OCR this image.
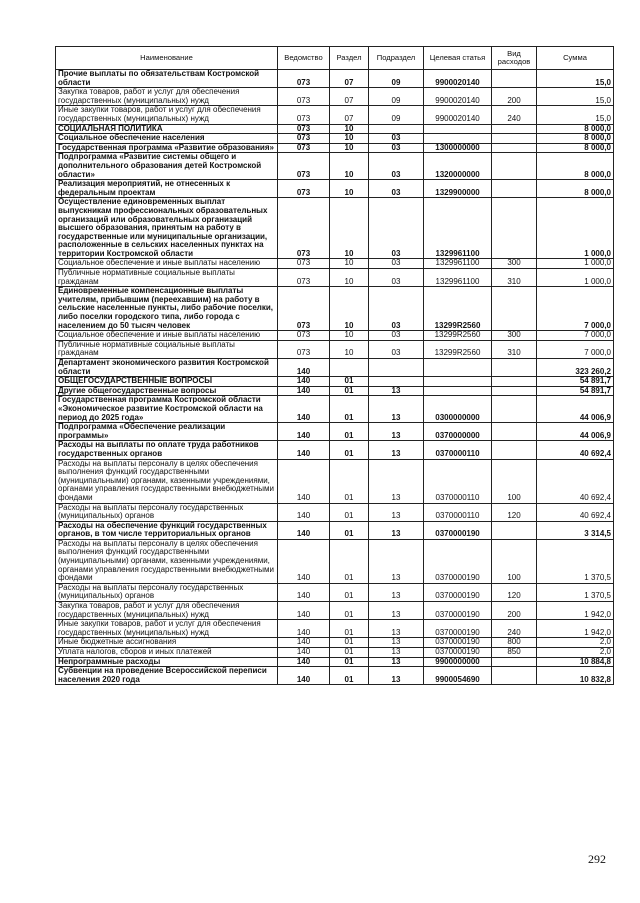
Наименование	Ведомство	Раздел	Подраздел	Целевая статья	Вид расходов	Сумма
Прочие выплаты по обязательствам Костромской области	073	07	09	9900020140		15,0
Закупка товаров, работ и услуг для обеспечения государственных (муниципальных) нужд	073	07	09	9900020140	200	15,0
Иные закупки товаров, работ и услуг для обеспечения государственных (муниципальных) нужд	073	07	09	9900020140	240	15,0
СОЦИАЛЬНАЯ ПОЛИТИКА	073	10				8 000,0
Социальное обеспечение населения	073	10	03			8 000,0
Государственная программа «Развитие образования»	073	10	03	1300000000		8 000,0
Подпрограмма «Развитие системы общего и дополнительного образования детей Костромской области»	073	10	03	1320000000		8 000,0
Реализация мероприятий, не отнесенных к федеральным проектам	073	10	03	1329900000		8 000,0
Осуществление единовременных выплат выпускникам профессиональных образовательных организаций или образовательных организаций высшего образования, принятым на работу в государственные или муниципальные организации, расположенные в сельских населенных пунктах на территории Костромской области	073	10	03	1329961100		1 000,0
Социальное обеспечение и иные выплаты населению	073	10	03	1329961100	300	1 000,0
Публичные нормативные социальные выплаты гражданам	073	10	03	1329961100	310	1 000,0
Единовременные компенсационные выплаты учителям, прибывшим (переехавшим) на работу в сельские населенные пункты, либо рабочие поселки, либо поселки городского типа, либо города с населением до 50 тысяч человек	073	10	03	13299R2560		7 000,0
Социальное обеспечение и иные выплаты населению	073	10	03	13299R2560	300	7 000,0
Публичные нормативные социальные выплаты гражданам	073	10	03	13299R2560	310	7 000,0
Департамент экономического развития Костромской области	140					323 260,2
ОБЩЕГОСУДАРСТВЕННЫЕ ВОПРОСЫ	140	01				54 891,7
Другие общегосударственные вопросы	140	01	13			54 891,7
Государственная программа Костромской области «Экономическое развитие Костромской области на период до 2025 года»	140	01	13	0300000000		44 006,9
Подпрограмма «Обеспечение реализации программы»	140	01	13	0370000000		44 006,9
Расходы на выплаты по оплате труда работников государственных органов	140	01	13	0370000110		40 692,4
Расходы на выплаты персоналу в целях обеспечения выполнения функций государственными (муниципальными) органами, казенными учреждениями, органами управления государственными внебюджетными фондами	140	01	13	0370000110	100	40 692,4
Расходы на выплаты персоналу государственных (муниципальных) органов	140	01	13	0370000110	120	40 692,4
Расходы на обеспечение функций государственных органов, в том числе территориальных органов	140	01	13	0370000190		3 314,5
Расходы на выплаты персоналу в целях обеспечения выполнения функций государственными (муниципальными) органами, казенными учреждениями, органами управления государственными внебюджетными фондами	140	01	13	0370000190	100	1 370,5
Расходы на выплаты персоналу государственных (муниципальных) органов	140	01	13	0370000190	120	1 370,5
Закупка товаров, работ и услуг для обеспечения государственных (муниципальных) нужд	140	01	13	0370000190	200	1 942,0
Иные закупки товаров, работ и услуг для обеспечения государственных (муниципальных) нужд	140	01	13	0370000190	240	1 942,0
Иные бюджетные ассигнования	140	01	13	0370000190	800	2,0
Уплата налогов, сборов и иных платежей	140	01	13	0370000190	850	2,0
Непрограммные расходы	140	01	13	9900000000		10 884,8
Субвенции на проведение Всероссийской переписи населения 2020 года	140	01	13	9900054690		10 832,8
292
